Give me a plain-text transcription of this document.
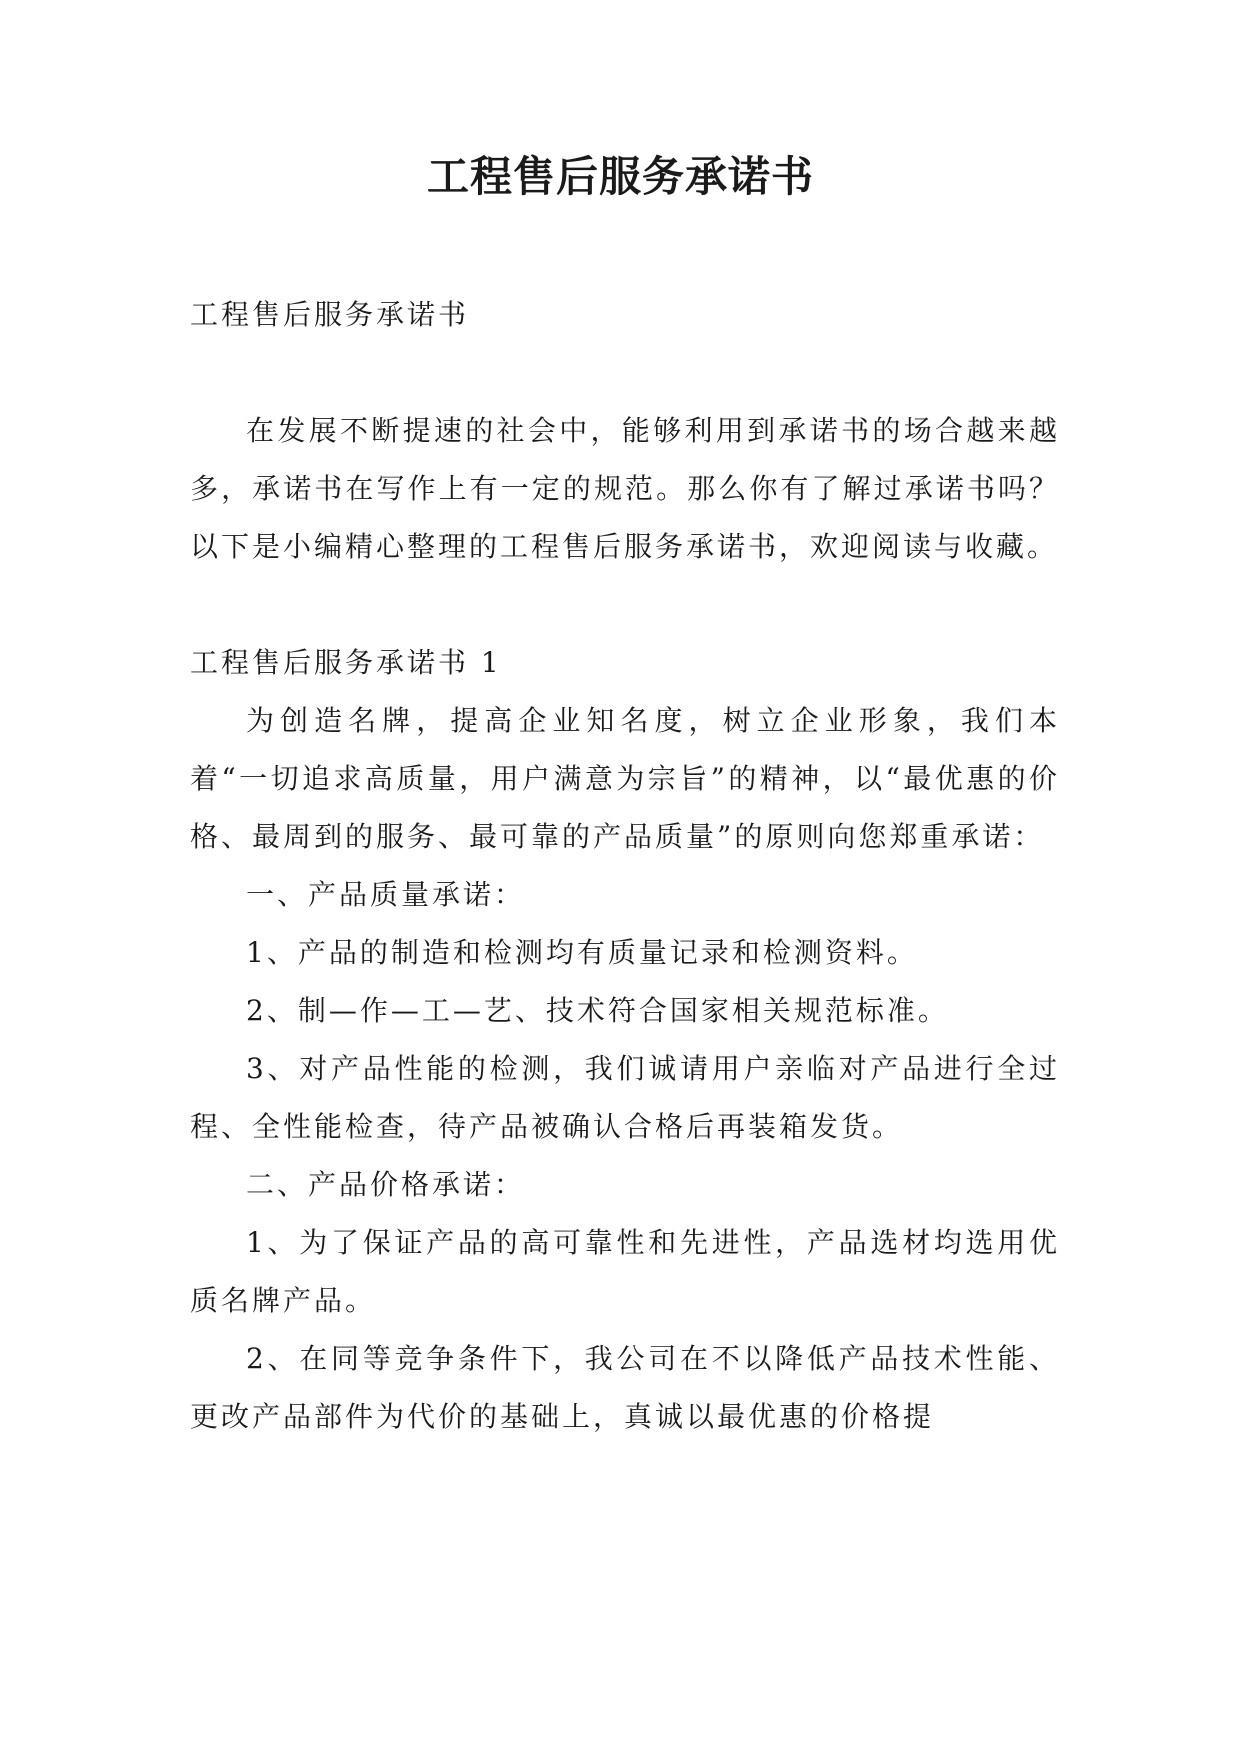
工程售后服务承诺书

工程售后服务承诺书

在发展不断提速的社会中，能够利用到承诺书的场合越来越多，承诺书在写作上有一定的规范。那么你有了解过承诺书吗？以下是小编精心整理的工程售后服务承诺书，欢迎阅读与收藏。

工程售后服务承诺书 1

为创造名牌，提高企业知名度，树立企业形象，我们本着“一切追求高质量，用户满意为宗旨”的精神，以“最优惠的价格、最周到的服务、最可靠的产品质量”的原则向您郑重承诺：

一、产品质量承诺：

1、产品的制造和检测均有质量记录和检测资料。

2、制—作—工—艺、技术符合国家相关规范标准。

3、对产品性能的检测，我们诚请用户亲临对产品进行全过程、全性能检查，待产品被确认合格后再装箱发货。

二、产品价格承诺：

1、为了保证产品的高可靠性和先进性，产品选材均选用优质名牌产品。

2、在同等竞争条件下，我公司在不以降低产品技术性能、更改产品部件为代价的基础上，真诚以最优惠的价格提
